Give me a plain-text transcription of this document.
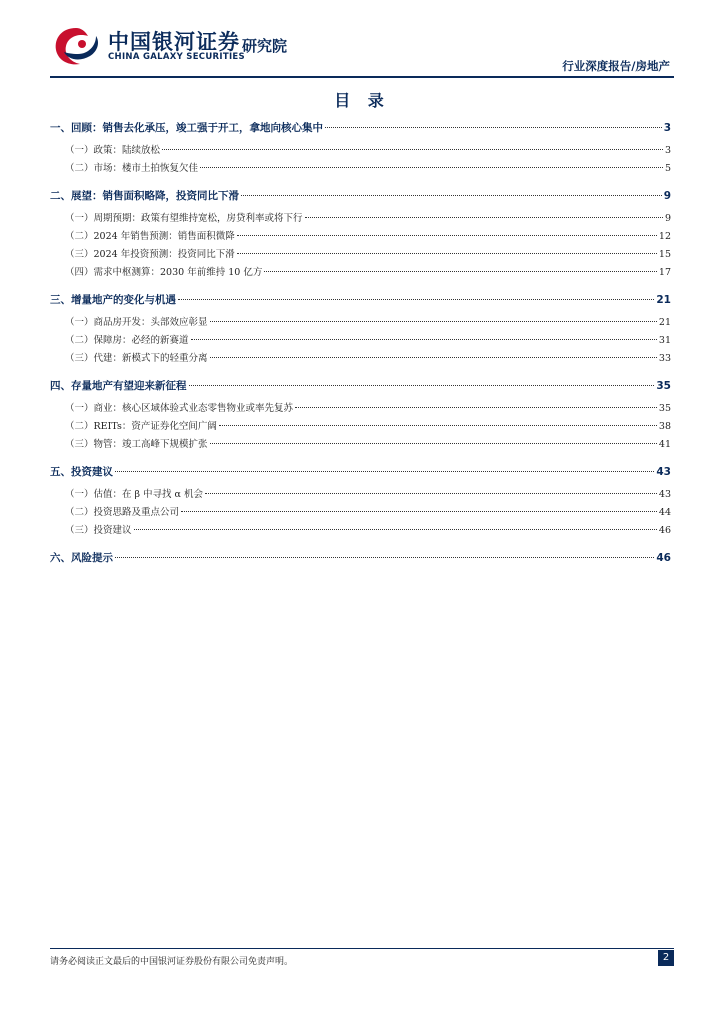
中国银河证券
CHINA GALAXY SECURITIES
研究院
行业深度报告/房地产
目 录
一、回顾：销售去化承压，竣工强于开工，拿地向核心集中	3
（一）政策：陆续放松	3
（二）市场：楼市土拍恢复欠佳	5
二、展望：销售面积略降，投资同比下滑	9
（一）周期预期：政策有望维持宽松，房贷利率或将下行	9
（二）2024 年销售预测：销售面积微降	12
（三）2024 年投资预测：投资同比下滑	15
（四）需求中枢测算：2030 年前维持 10 亿方	17
三、增量地产的变化与机遇	21
（一）商品房开发：头部效应彰显	21
（二）保障房：必经的新赛道	31
（三）代建：新模式下的轻重分离	33
四、存量地产有望迎来新征程	35
（一）商业：核心区域体验式业态零售物业或率先复苏	35
（二）REITs：资产证券化空间广阔	38
（三）物管：竣工高峰下规模扩张	41
五、投资建议	43
（一）估值：在 β 中寻找 α 机会	43
（二）投资思路及重点公司	44
（三）投资建议	46
六、风险提示	46
请务必阅读正文最后的中国银河证券股份有限公司免责声明。	2
